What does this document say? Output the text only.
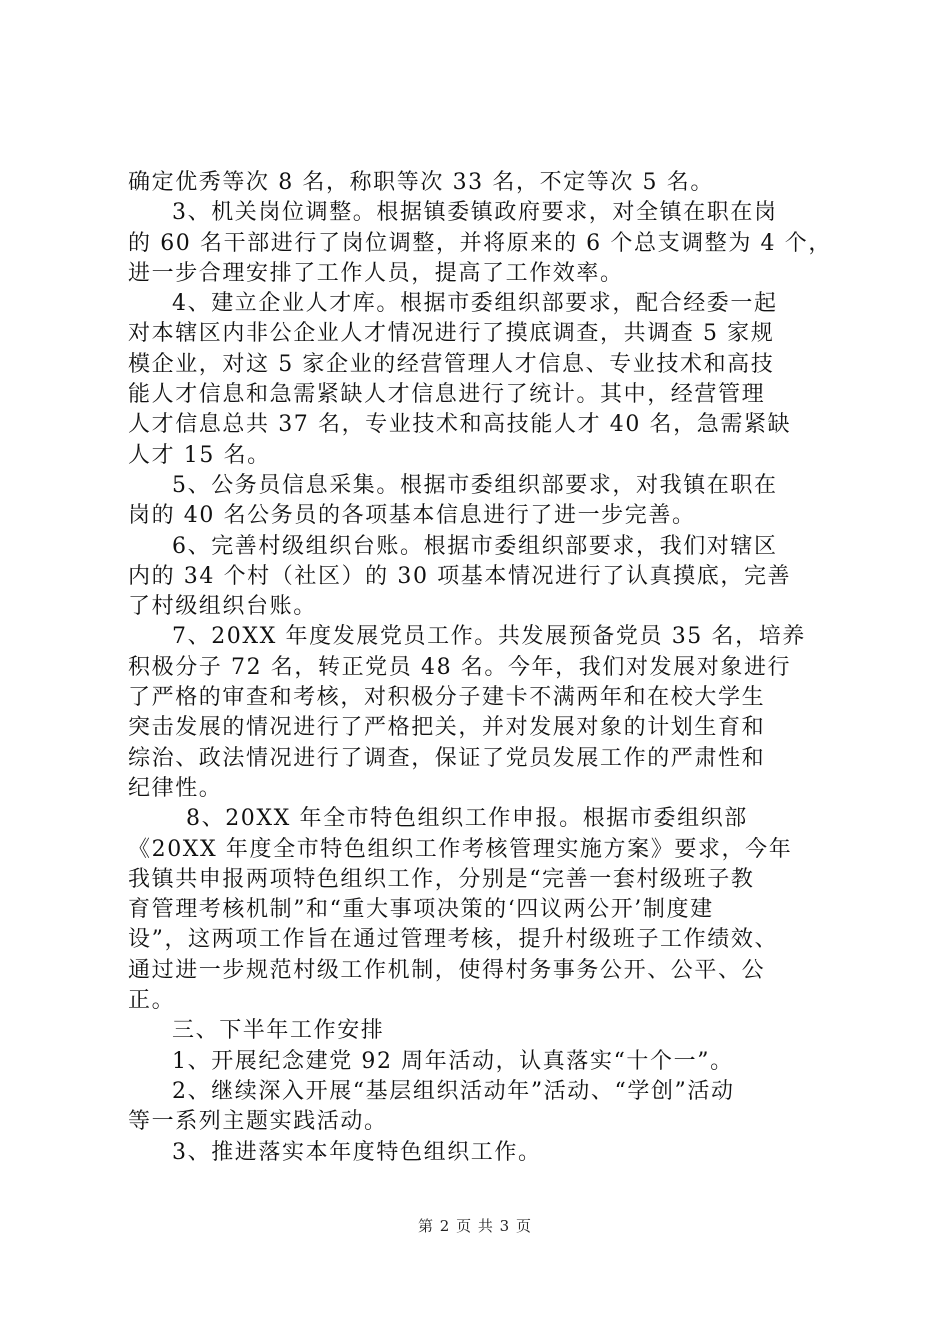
确定优秀等次 8 名，称职等次 33 名，不定等次 5 名。
3、机关岗位调整。根据镇委镇政府要求，对全镇在职在岗
的 60 名干部进行了岗位调整，并将原来的 6 个总支调整为 4 个，
进一步合理安排了工作人员，提高了工作效率。
4、建立企业人才库。根据市委组织部要求，配合经委一起
对本辖区内非公企业人才情况进行了摸底调查，共调查 5 家规
模企业，对这 5 家企业的经营管理人才信息、专业技术和高技
能人才信息和急需紧缺人才信息进行了统计。其中，经营管理
人才信息总共 37 名，专业技术和高技能人才 40 名，急需紧缺
人才 15 名。
5、公务员信息采集。根据市委组织部要求，对我镇在职在
岗的 40 名公务员的各项基本信息进行了进一步完善。
6、完善村级组织台账。根据市委组织部要求，我们对辖区
内的 34 个村（社区）的 30 项基本情况进行了认真摸底，完善
了村级组织台账。
7、20XX 年度发展党员工作。共发展预备党员 35 名，培养
积极分子 72 名，转正党员 48 名。今年，我们对发展对象进行
了严格的审查和考核，对积极分子建卡不满两年和在校大学生
突击发展的情况进行了严格把关，并对发展对象的计划生育和
综治、政法情况进行了调查，保证了党员发展工作的严肃性和
纪律性。
8、20XX 年全市特色组织工作申报。根据市委组织部
《20XX 年度全市特色组织工作考核管理实施方案》要求，今年
我镇共申报两项特色组织工作，分别是“完善一套村级班子教
育管理考核机制”和“重大事项决策的‘四议两公开’制度建
设”，这两项工作旨在通过管理考核，提升村级班子工作绩效、
通过进一步规范村级工作机制，使得村务事务公开、公平、公
正。
三、下半年工作安排
1、开展纪念建党 92 周年活动，认真落实“十个一”。
2、继续深入开展“基层组织活动年”活动、“学创”活动
等一系列主题实践活动。
3、推进落实本年度特色组织工作。
第 2 页 共 3 页
